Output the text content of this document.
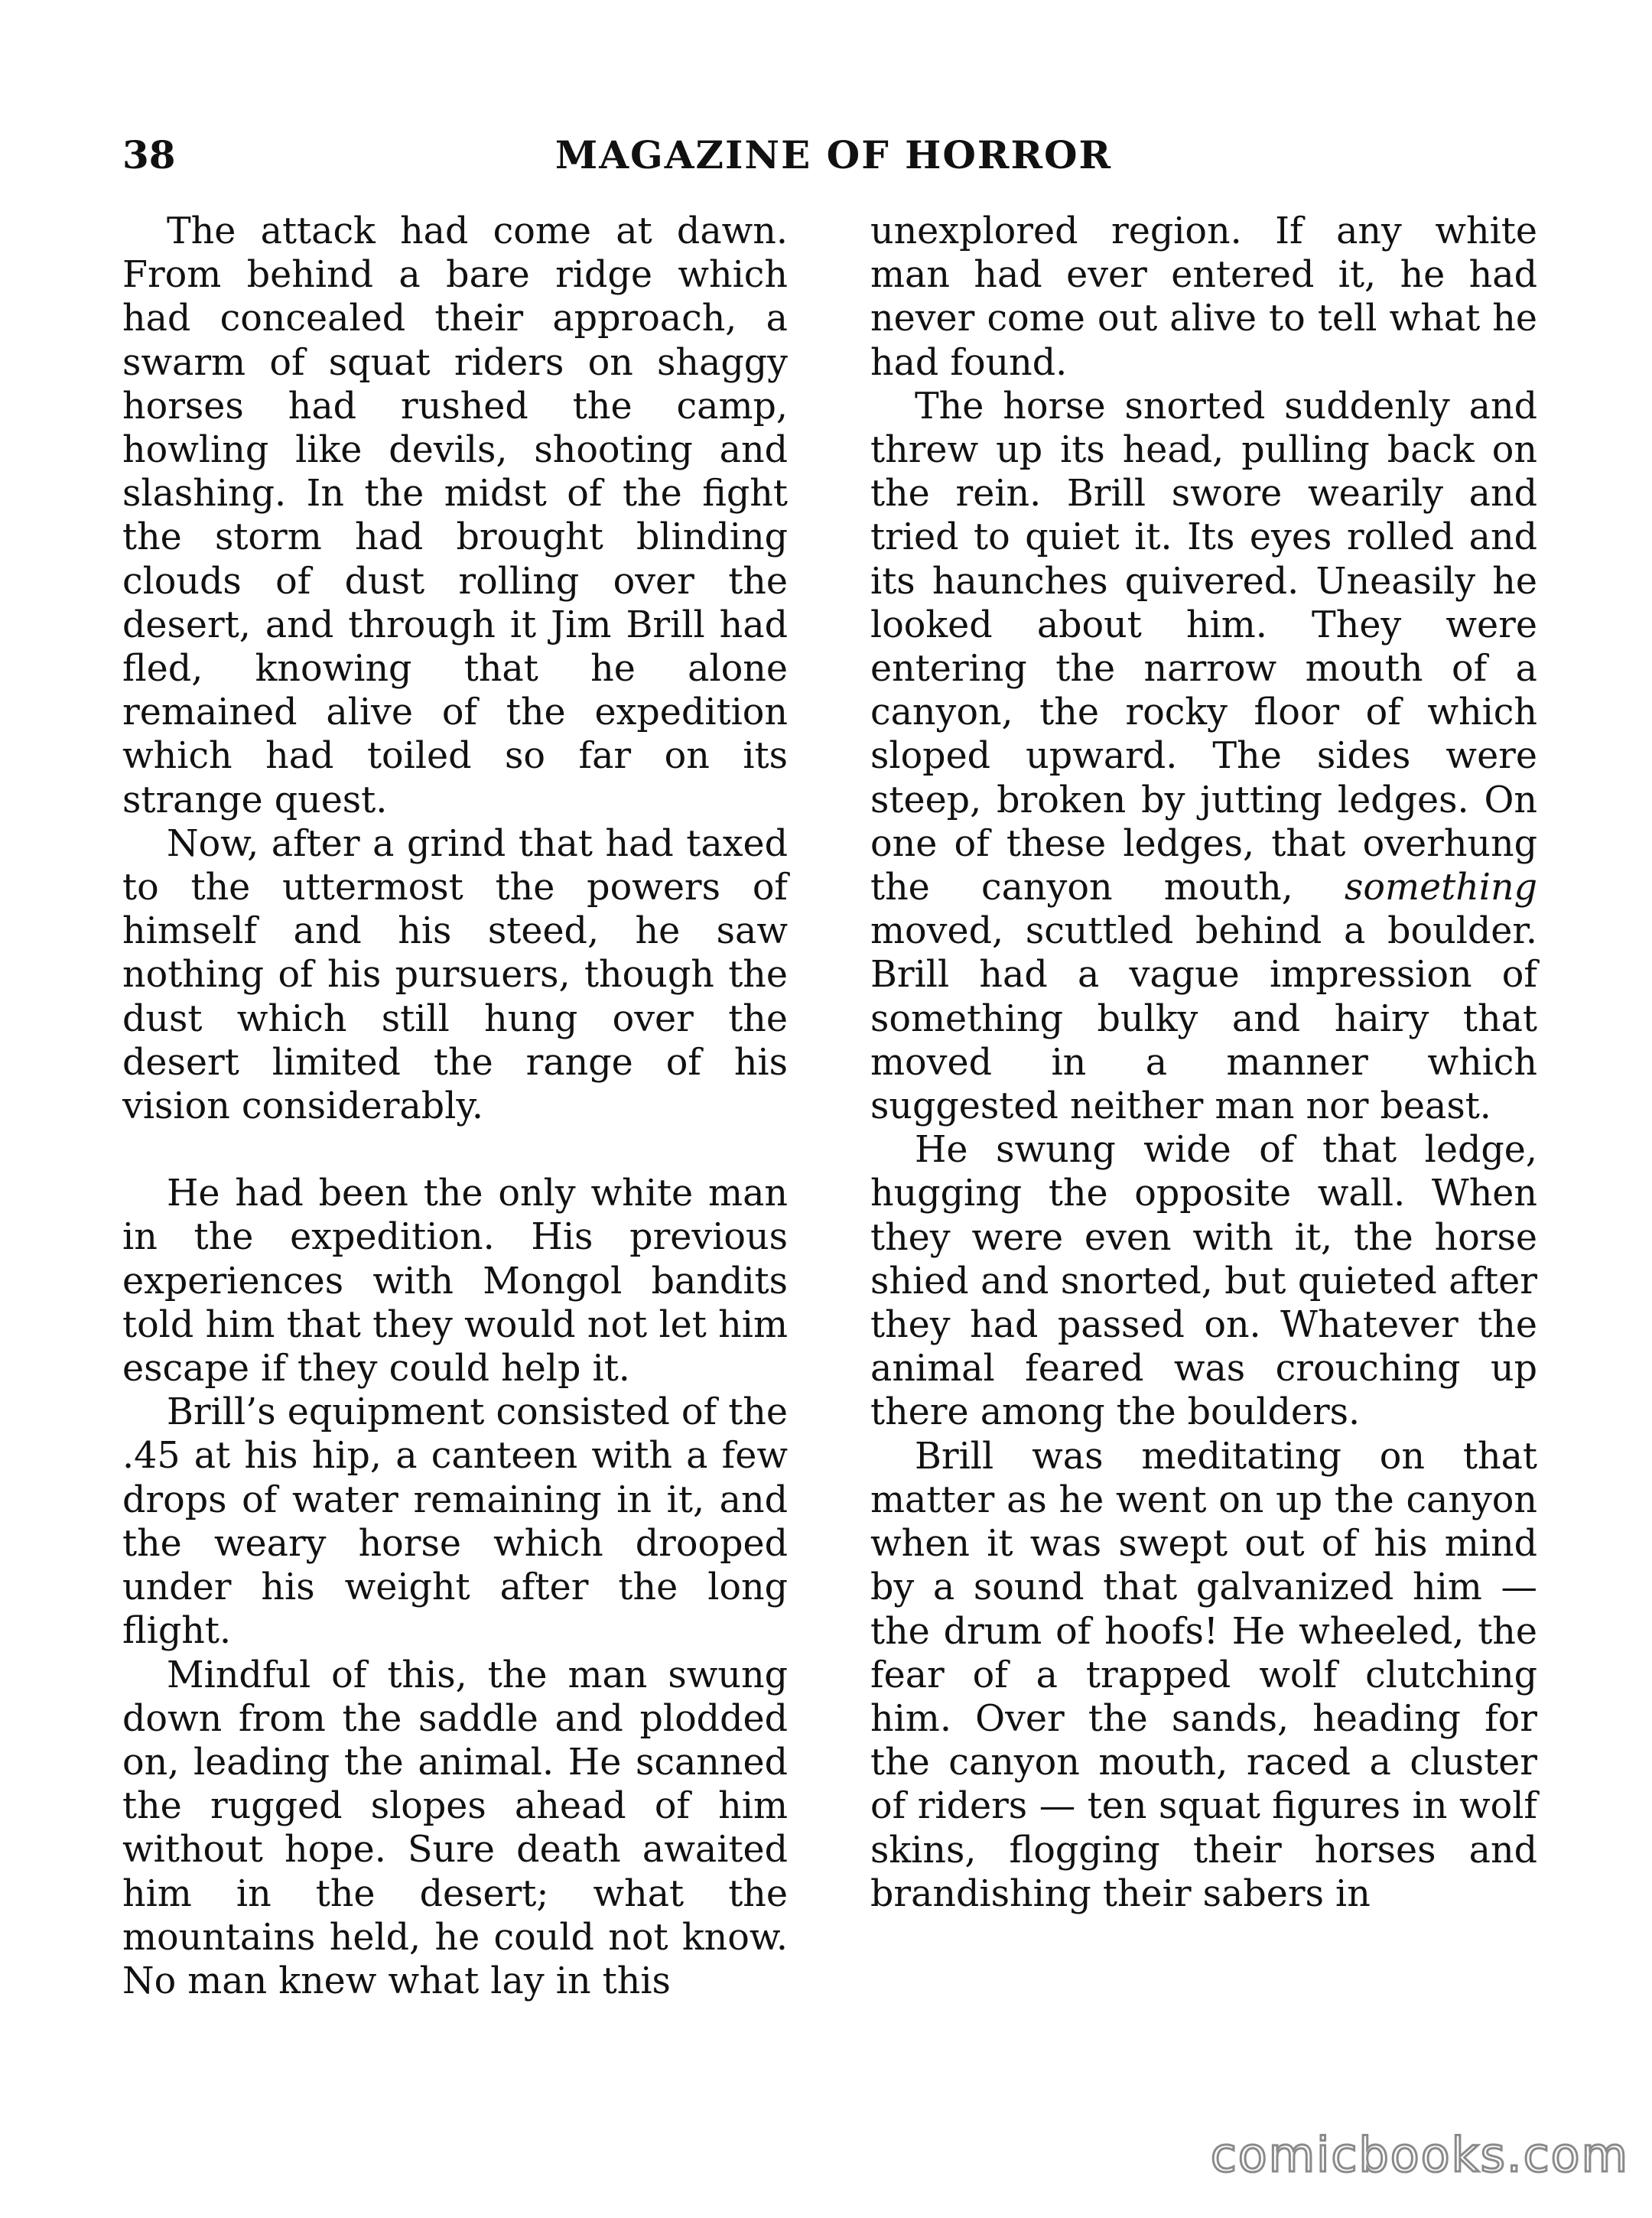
38	MAGAZINE OF HORROR

The attack had come at dawn. From behind a bare ridge which had concealed their approach, a swarm of squat riders on shaggy horses had rushed the camp, howling like devils, shooting and slashing. In the midst of the fight the storm had brought blinding clouds of dust rolling over the desert, and through it Jim Brill had fled, knowing that he alone remained alive of the expedition which had toiled so far on its strange quest.

Now, after a grind that had taxed to the uttermost the powers of himself and his steed, he saw nothing of his pursuers, though the dust which still hung over the desert limited the range of his vision considerably.

He had been the only white man in the expedition. His previous experiences with Mongol bandits told him that they would not let him escape if they could help it.

Brill’s equipment consisted of the .45 at his hip, a canteen with a few drops of water remaining in it, and the weary horse which drooped under his weight after the long flight.

Mindful of this, the man swung down from the saddle and plodded on, leading the animal. He scanned the rugged slopes ahead of him without hope. Sure death awaited him in the desert; what the mountains held, he could not know. No man knew what lay in this

unexplored region. If any white man had ever entered it, he had never come out alive to tell what he had found.

The horse snorted suddenly and threw up its head, pulling back on the rein. Brill swore wearily and tried to quiet it. Its eyes rolled and its haunches quivered. Uneasily he looked about him. They were entering the narrow mouth of a canyon, the rocky floor of which sloped upward. The sides were steep, broken by jutting ledges. On one of these ledges, that overhung the canyon mouth, something moved, scuttled behind a boulder. Brill had a vague impression of something bulky and hairy that moved in a manner which suggested neither man nor beast.

He swung wide of that ledge, hugging the opposite wall. When they were even with it, the horse shied and snorted, but quieted after they had passed on. Whatever the animal feared was crouching up there among the boulders.

Brill was meditating on that matter as he went on up the canyon when it was swept out of his mind by a sound that galvanized him — the drum of hoofs! He wheeled, the fear of a trapped wolf clutching him. Over the sands, heading for the canyon mouth, raced a cluster of riders — ten squat figures in wolf skins, flogging their horses and brandishing their sabers in

comicbooks.com
